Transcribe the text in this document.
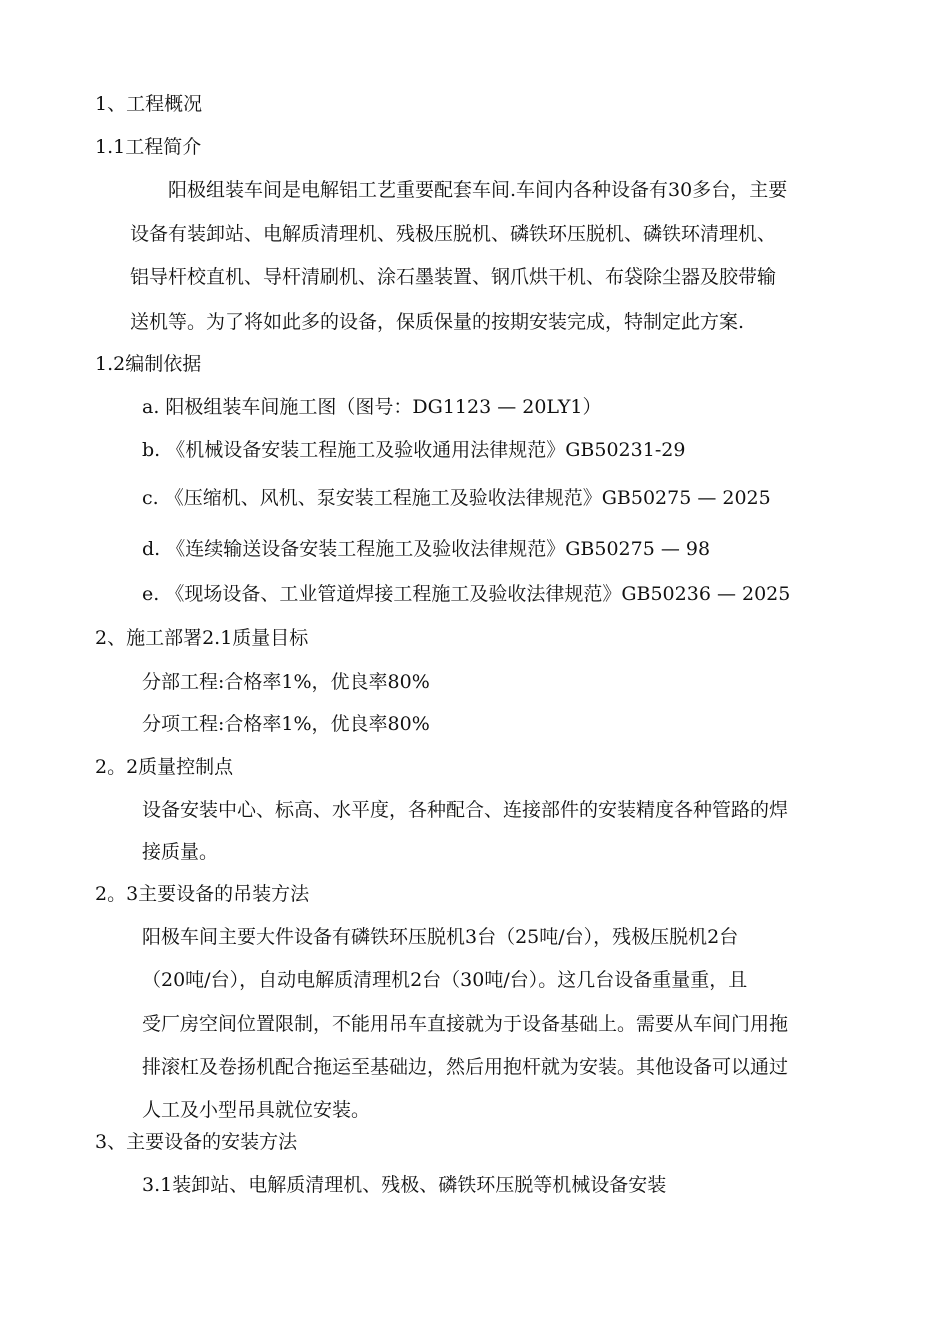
1、工程概况
1.1工程简介
阳极组装车间是电解铝工艺重要配套车间.车间内各种设备有30多台，主要
设备有装卸站、电解质清理机、残极压脱机、磷铁环压脱机、磷铁环清理机、
铝导杆校直机、导杆清刷机、涂石墨装置、钢爪烘干机、布袋除尘器及胶带输
送机等。为了将如此多的设备，保质保量的按期安装完成，特制定此方案.
1.2编制依据
a. 阳极组装车间施工图（图号：DG1123 — 20LY1）
b. 《机械设备安装工程施工及验收通用法律规范》GB50231-29
c. 《压缩机、风机、泵安装工程施工及验收法律规范》GB50275 — 2025
d. 《连续输送设备安装工程施工及验收法律规范》GB50275 — 98
e. 《现场设备、工业管道焊接工程施工及验收法律规范》GB50236 — 2025
2、施工部署2.1质量目标
分部工程:合格率1%，优良率80%
分项工程:合格率1%，优良率80%
2。2质量控制点
设备安装中心、标高、水平度，各种配合、连接部件的安装精度各种管路的焊
接质量。
2。3主要设备的吊装方法
阳极车间主要大件设备有磷铁环压脱机3台（25吨/台），残极压脱机2台
（20吨/台），自动电解质清理机2台（30吨/台）。这几台设备重量重，且
受厂房空间位置限制，不能用吊车直接就为于设备基础上。需要从车间门用拖
排滚杠及卷扬机配合拖运至基础边，然后用抱杆就为安装。其他设备可以通过
人工及小型吊具就位安装。
3、主要设备的安装方法
3.1装卸站、电解质清理机、残极、磷铁环压脱等机械设备安装
